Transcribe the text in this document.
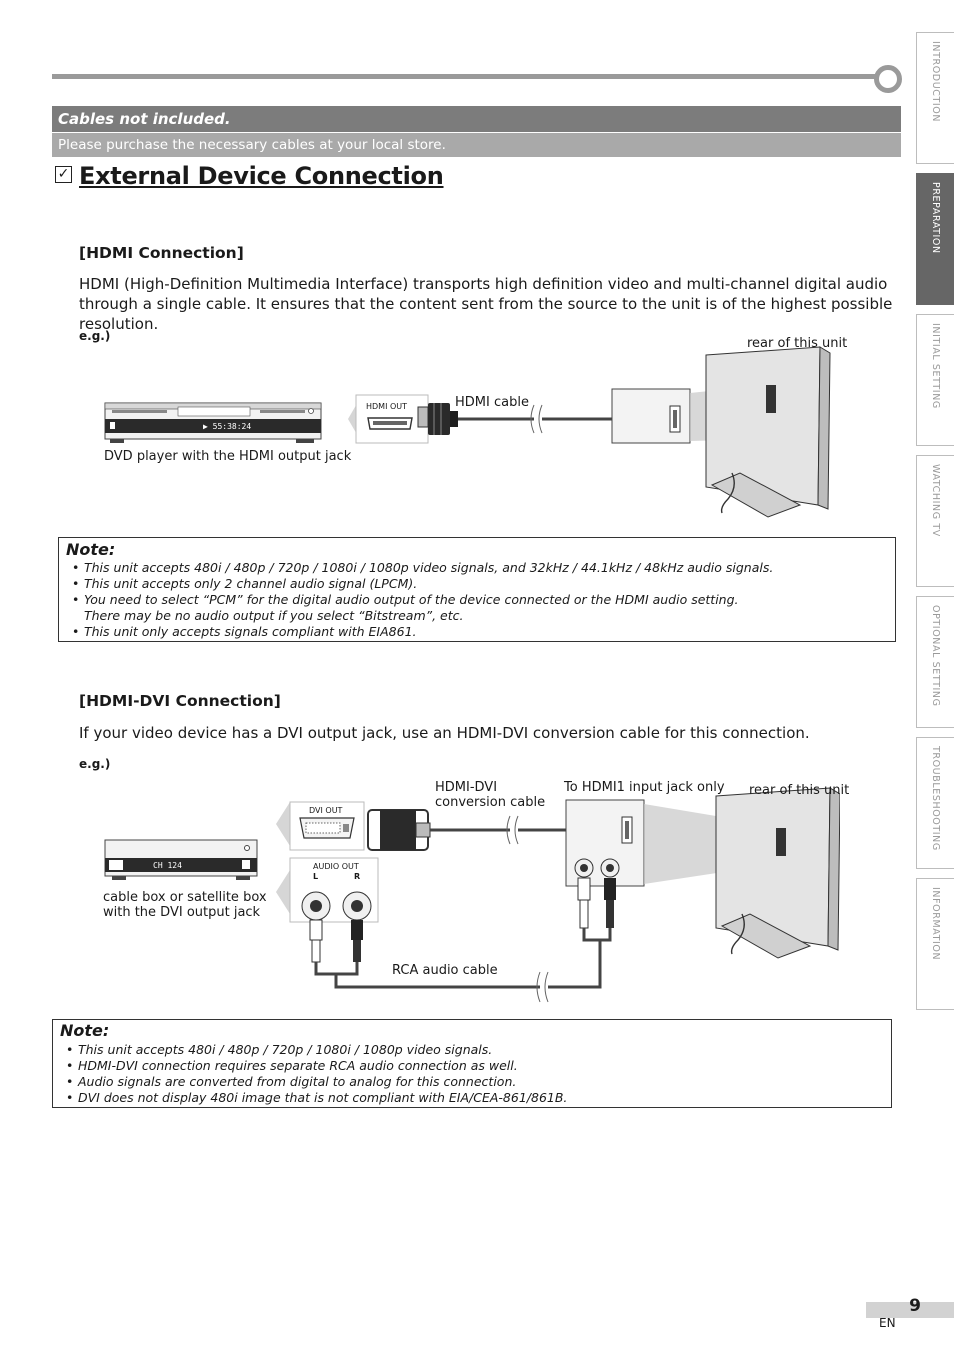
Cables not included.
Please purchase the necessary cables at your local store.
✓ External Device Connection
[HDMI Connection]
HDMI (High-Definition Multimedia Interface) transports high definition video and multi-channel digital audio through a single cable. It ensures that the content sent from the source to the unit is of the highest possible resolution.
e.g.)	rear of this unit
HDMI cable
HDMI OUT
▶ 55:38:24
DVD player with the HDMI output jack
Note:
• This unit accepts 480i / 480p / 720p / 1080i / 1080p video signals, and 32kHz / 44.1kHz / 48kHz audio signals.
• This unit accepts only 2 channel audio signal (LPCM).
• You need to select “PCM” for the digital audio output of the device connected or the HDMI audio setting.
There may be no audio output if you select “Bitstream”, etc.
• This unit only accepts signals compliant with EIA861.
[HDMI-DVI Connection]
If your video device has a DVI output jack, use an HDMI-DVI conversion cable for this connection.
e.g.)
HDMI-DVI
conversion cable
To HDMI1 input jack only rear of this unit
DVI OUT
AUDIO OUT
L	R
CH 124
cable box or satellite box
with the DVI output jack
RCA audio cable
Note:
• This unit accepts 480i / 480p / 720p / 1080i / 1080p video signals.
• HDMI-DVI connection requires separate RCA audio connection as well.
• Audio signals are converted from digital to analog for this connection.
• DVI does not display 480i image that is not compliant with EIA/CEA-861/861B.
INTRODUCTION
PREPARATION
INITIAL SETTING
WATCHING TV
OPTIONAL SETTING
TROUBLESHOOTING
INFORMATION
9
EN
